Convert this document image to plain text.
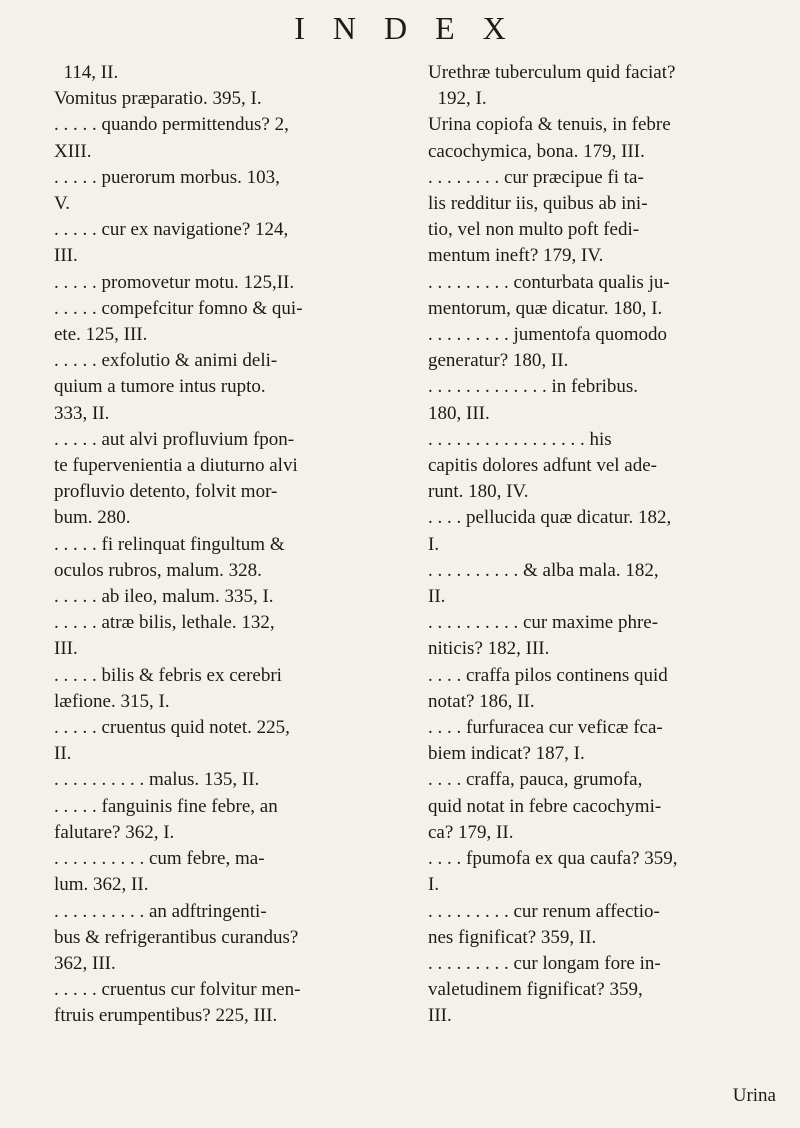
INDEX
114, II.
Vomitus præparatio. 395, I.
. . . . . quando permittendus? 2,
XIII.
. . . . . puerorum morbus. 103,
V.
. . . . . cur ex navigatione? 124,
III.
. . . . . promovetur motu. 125,II.
. . . . . compefcitur fomno & qui-
ete. 125, III.
. . . . . exfolutio & animi deli-
quium a tumore intus rupto.
333, II.
. . . . . aut alvi profluvium fpon-
te fupervenientia a diuturno alvi
profluvio detento, folvit mor-
bum. 280.
. . . . . fi relinquat fingultum &
oculos rubros, malum. 328.
. . . . . ab ileo, malum. 335, I.
. . . . . atræ bilis, lethale. 132,
III.
. . . . . bilis & febris ex cerebri
læfione. 315, I.
. . . . . cruentus quid notet. 225,
II.
. . . . . . . . . . malus. 135, II.
. . . . . fanguinis fine febre, an
falutare? 362, I.
. . . . . . . . . . cum febre, ma-
lum. 362, II.
. . . . . . . . . . an adftringenti-
bus & refrigerantibus curandus?
362, III.
. . . . . cruentus cur folvitur men-
ftruis erumpentibus? 225, III.
Urethræ tuberculum quid faciat?
192, I.
Urina copiofa & tenuis, in febre
cacochymica, bona. 179, III.
. . . . . . . . cur præcipue fi ta-
lis redditur iis, quibus ab ini-
tio, vel non multo poft fedi-
mentum ineft? 179, IV.
. . . . . . . . . conturbata qualis ju-
mentorum, quæ dicatur. 180, I.
. . . . . . . . . jumentofa quomodo
generatur? 180, II.
. . . . . . . . . . . . . in febribus.
180, III.
. . . . . . . . . . . . . . . . . his
capitis dolores adfunt vel ade-
runt. 180, IV.
. . . . pellucida quæ dicatur. 182,
I.
. . . . . . . . . . & alba mala. 182,
II.
. . . . . . . . . . cur maxime phre-
niticis? 182, III.
. . . . craffa pilos continens quid
notat? 186, II.
. . . . furfuracea cur veficæ fca-
biem indicat? 187, I.
. . . . craffa, pauca, grumofa,
quid notat in febre cacochymi-
ca? 179, II.
. . . . fpumofa ex qua caufa? 359,
I.
. . . . . . . . . cur renum affectio-
nes fignificat? 359, II.
. . . . . . . . . cur longam fore in-
valetudinem fignificat? 359,
III.
Urina
